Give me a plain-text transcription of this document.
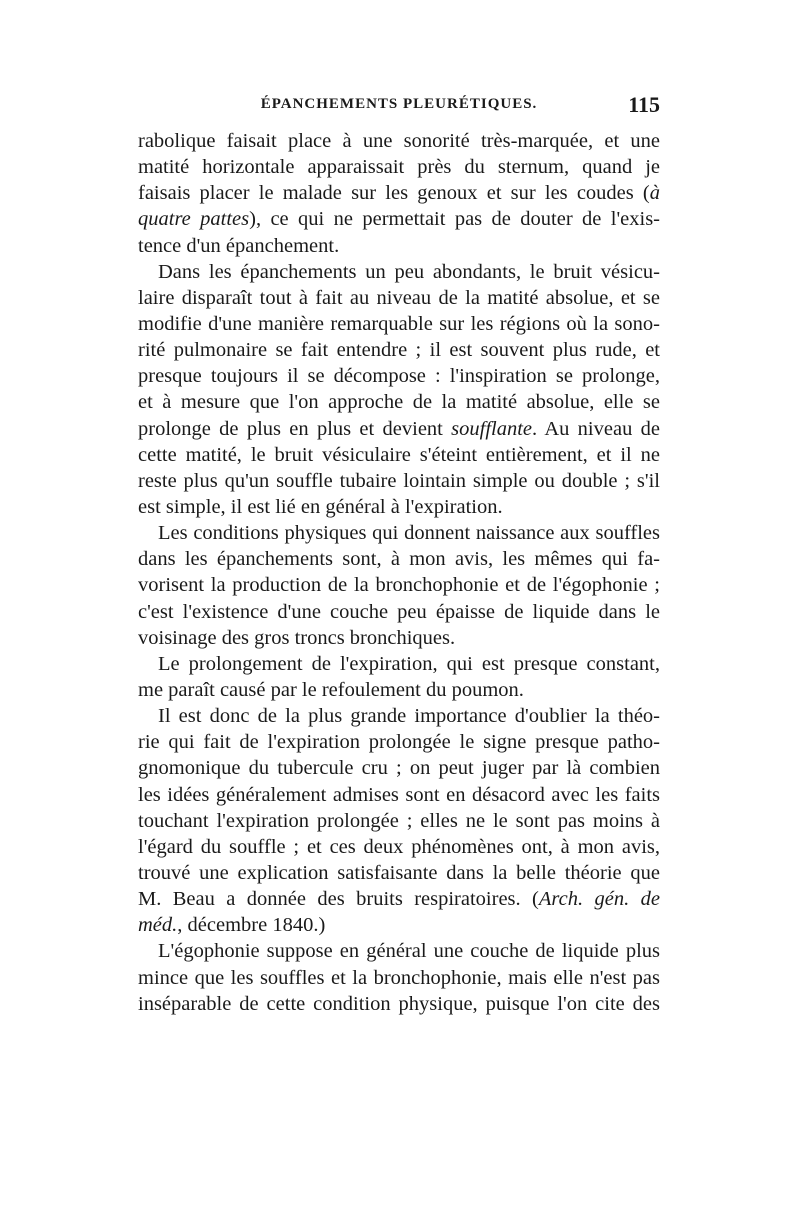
ÉPANCHEMENTS PLEURÉTIQUES.	115
rabolique faisait place à une sonorité très-marquée, et une
matité horizontale apparaissait près du sternum, quand je
faisais placer le malade sur les genoux et sur les coudes (à
quatre pattes), ce qui ne permettait pas de douter de l'exis-
tence d'un épanchement.
Dans les épanchements un peu abondants, le bruit vésicu-
laire disparaît tout à fait au niveau de la matité absolue, et se
modifie d'une manière remarquable sur les régions où la sono-
rité pulmonaire se fait entendre ; il est souvent plus rude, et
presque toujours il se décompose : l'inspiration se prolonge,
et à mesure que l'on approche de la matité absolue, elle se
prolonge de plus en plus et devient soufflante. Au niveau de
cette matité, le bruit vésiculaire s'éteint entièrement, et il ne
reste plus qu'un souffle tubaire lointain simple ou double ; s'il
est simple, il est lié en général à l'expiration.
Les conditions physiques qui donnent naissance aux souffles
dans les épanchements sont, à mon avis, les mêmes qui fa-
vorisent la production de la bronchophonie et de l'égophonie ;
c'est l'existence d'une couche peu épaisse de liquide dans le
voisinage des gros troncs bronchiques.
Le prolongement de l'expiration, qui est presque constant,
me paraît causé par le refoulement du poumon.
Il est donc de la plus grande importance d'oublier la théo-
rie qui fait de l'expiration prolongée le signe presque patho-
gnomonique du tubercule cru ; on peut juger par là combien
les idées généralement admises sont en désacord avec les faits
touchant l'expiration prolongée ; elles ne le sont pas moins à
l'égard du souffle ; et ces deux phénomènes ont, à mon avis,
trouvé une explication satisfaisante dans la belle théorie que
M. Beau a donnée des bruits respiratoires. (Arch. gén. de
méd., décembre 1840.)
L'égophonie suppose en général une couche de liquide plus
mince que les souffles et la bronchophonie, mais elle n'est pas
inséparable de cette condition physique, puisque l'on cite des
